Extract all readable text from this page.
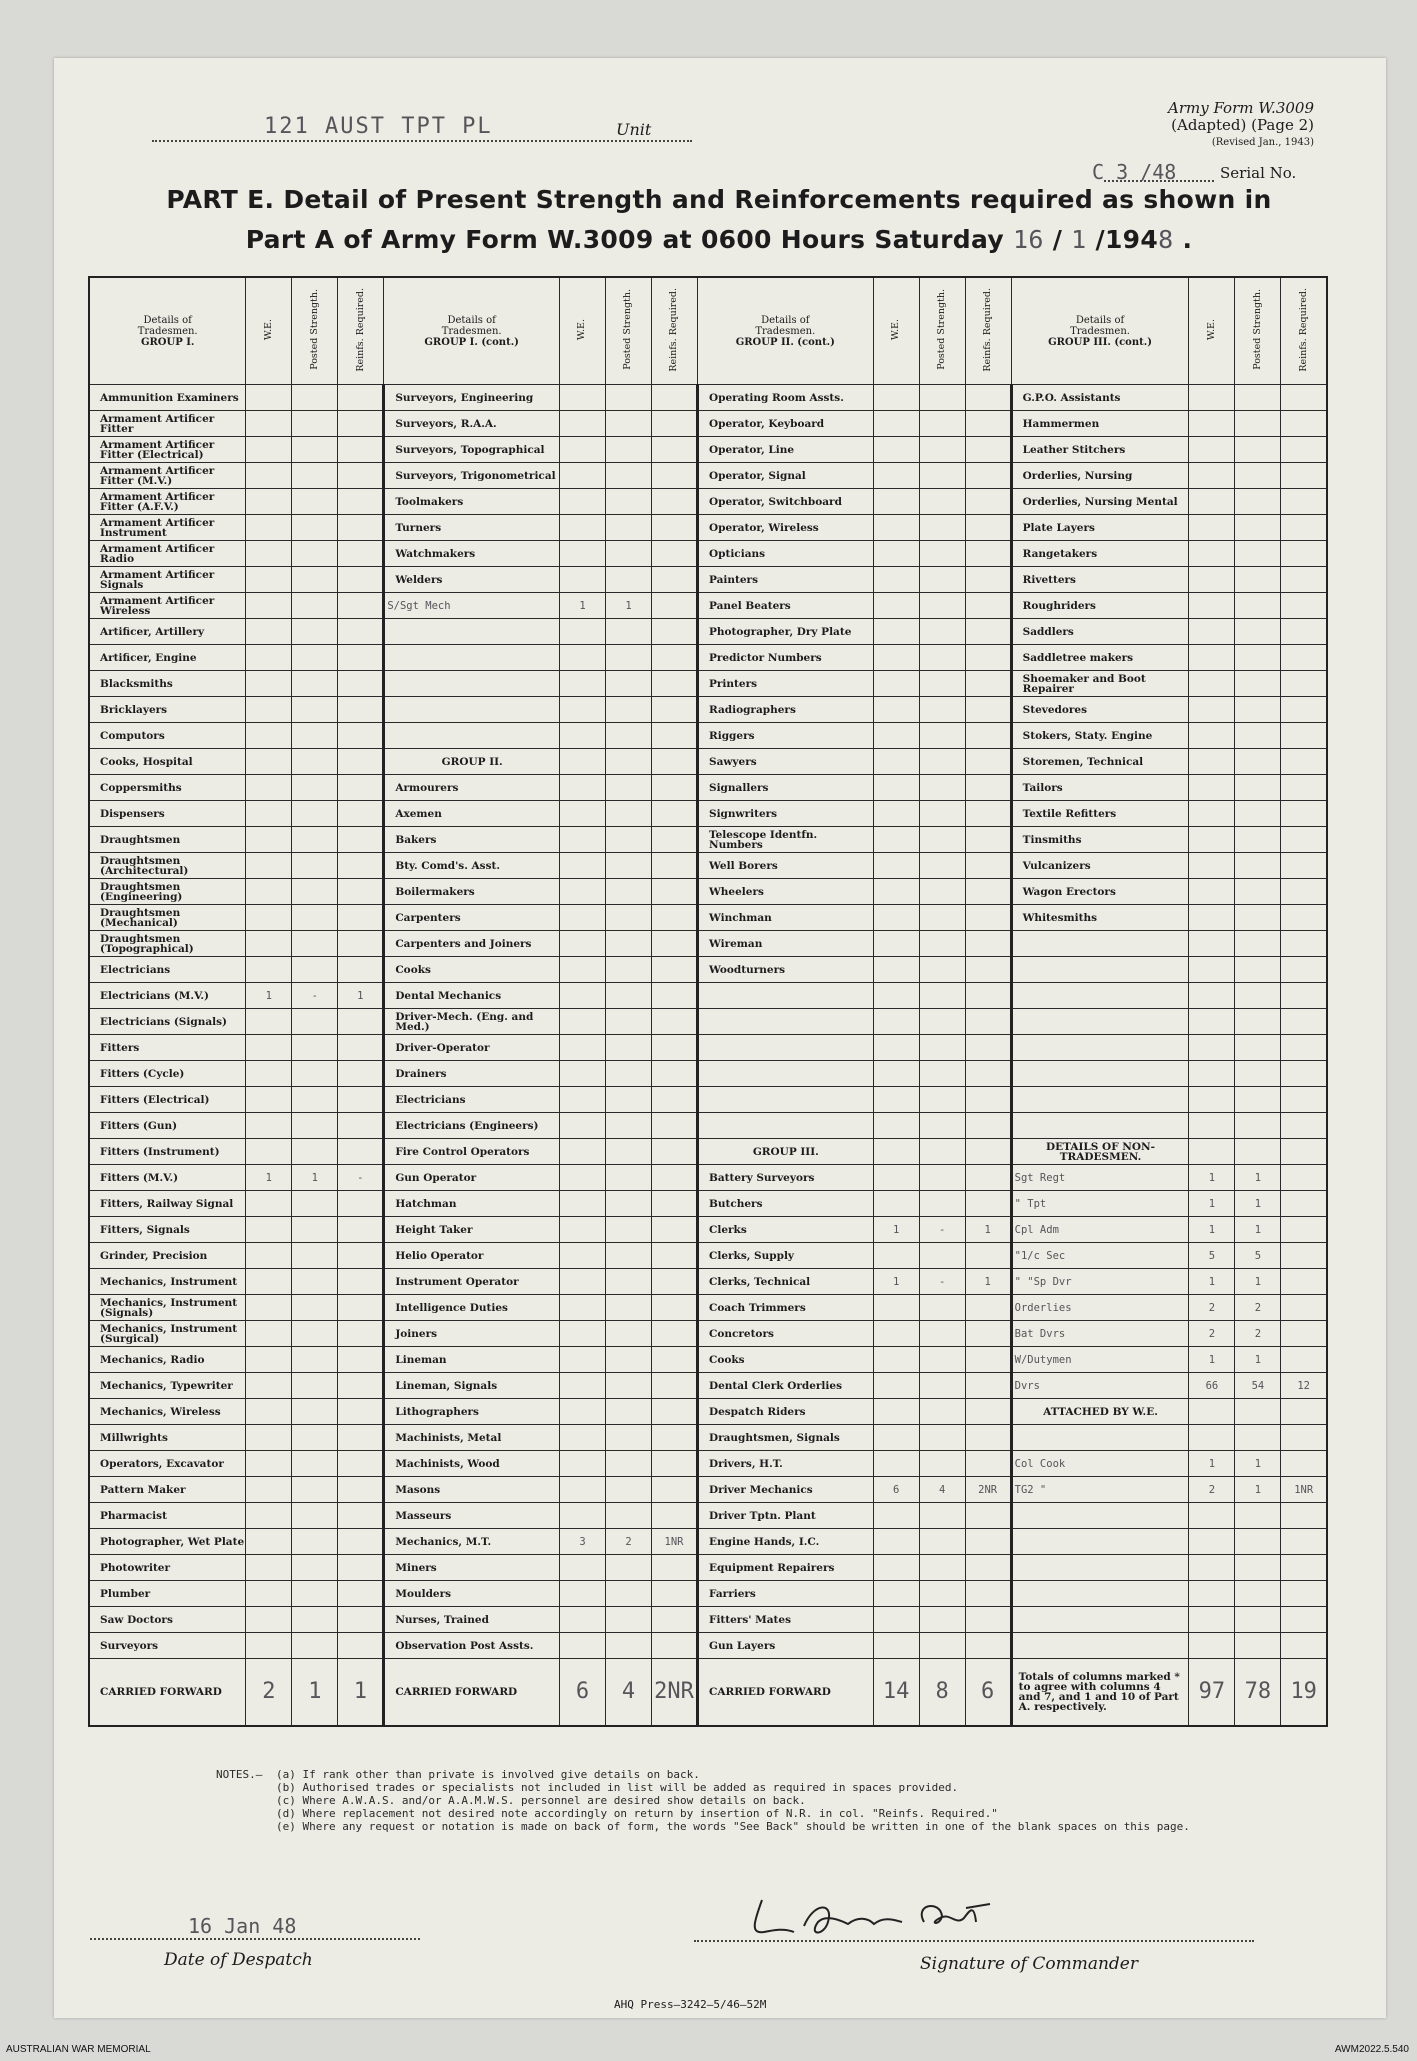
121 AUST TPT PL	Unit
Army Form W.3009
(Adapted) (Page 2)
(Revised Jan., 1943)
C 3 /48	Serial No.
PART E. Detail of Present Strength and Reinforcements required as shown in
Part A of Army Form W.3009 at 0600 Hours Saturday 16 / 1 /1948 .
Details of
Tradesmen.
GROUP I.	W.E.	Posted Strength.	Reinfs. Required.	Details of
Tradesmen.
GROUP I. (cont.)	W.E.	Posted Strength.	Reinfs. Required.	Details of
Tradesmen.
GROUP II. (cont.)	W.E.	Posted Strength.	Reinfs. Required.	Details of
Tradesmen.
GROUP III. (cont.)	W.E.	Posted Strength.	Reinfs. Required.
Ammunition Examiners				Surveyors, Engineering				Operating Room Assts.				G.P.O. Assistants			
Armament Artificer Fitter				Surveyors, R.A.A.				Operator, Keyboard				Hammermen			
Armament Artificer Fitter (Electrical)				Surveyors, Topographical				Operator, Line				Leather Stitchers			
Armament Artificer Fitter (M.V.)				Surveyors, Trigonometrical				Operator, Signal				Orderlies, Nursing			
Armament Artificer Fitter (A.F.V.)				Toolmakers				Operator, Switchboard				Orderlies, Nursing Mental			
Armament Artificer Instrument				Turners				Operator, Wireless				Plate Layers			
Armament Artificer Radio				Watchmakers				Opticians				Rangetakers			
Armament Artificer Signals				Welders				Painters				Rivetters			
Armament Artificer Wireless				S/Sgt Mech	1	1		Panel Beaters				Roughriders			
Artificer, Artillery								Photographer, Dry Plate				Saddlers			
Artificer, Engine								Predictor Numbers				Saddletree makers			
Blacksmiths								Printers				Shoemaker and Boot Repairer			
Bricklayers								Radiographers				Stevedores			
Computors								Riggers				Stokers, Staty. Engine			
Cooks, Hospital				GROUP II.				Sawyers				Storemen, Technical			
Coppersmiths				Armourers				Signallers				Tailors			
Dispensers				Axemen				Signwriters				Textile Refitters			
Draughtsmen				Bakers				Telescope Identfn. Numbers				Tinsmiths			
Draughtsmen (Architectural)				Bty. Comd's. Asst.				Well Borers				Vulcanizers			
Draughtsmen (Engineering)				Boilermakers				Wheelers				Wagon Erectors			
Draughtsmen (Mechanical)				Carpenters				Winchman				Whitesmiths			
Draughtsmen (Topographical)				Carpenters and Joiners				Wireman							
Electricians				Cooks				Woodturners							
Electricians (M.V.)	1	-	1	Dental Mechanics											
Electricians (Signals)				Driver-Mech. (Eng. and Med.)											
Fitters				Driver-Operator											
Fitters (Cycle)				Drainers											
Fitters (Electrical)				Electricians											
Fitters (Gun)				Electricians (Engineers)											
Fitters (Instrument)				Fire Control Operators				GROUP III.				DETAILS OF NON-TRADESMEN.			
Fitters (M.V.)	1	1	-	Gun Operator				Battery Surveyors				Sgt Regt	1	1	
Fitters, Railway Signal				Hatchman				Butchers				" Tpt	1	1	
Fitters, Signals				Height Taker				Clerks	1	-	1	Cpl Adm	1	1	
Grinder, Precision				Helio Operator				Clerks, Supply				"1/c Sec	5	5	
Mechanics, Instrument				Instrument Operator				Clerks, Technical	1	-	1	" "Sp Dvr	1	1	
Mechanics, Instrument (Signals)				Intelligence Duties				Coach Trimmers				Orderlies	2	2	
Mechanics, Instrument (Surgical)				Joiners				Concretors				Bat Dvrs	2	2	
Mechanics, Radio				Lineman				Cooks				W/Dutymen	1	1	
Mechanics, Typewriter				Lineman, Signals				Dental Clerk Orderlies				Dvrs	66	54	12
Mechanics, Wireless				Lithographers				Despatch Riders				ATTACHED BY W.E.			
Millwrights				Machinists, Metal				Draughtsmen, Signals							
Operators, Excavator				Machinists, Wood				Drivers, H.T.				Col Cook	1	1	
Pattern Maker				Masons				Driver Mechanics	6	4	2NR	TG2 "	2	1	1NR
Pharmacist				Masseurs				Driver Tptn. Plant							
Photographer, Wet Plate				Mechanics, M.T.	3	2	1NR	Engine Hands, I.C.							
Photowriter				Miners				Equipment Repairers							
Plumber				Moulders				Farriers							
Saw Doctors				Nurses, Trained				Fitters' Mates							
Surveyors				Observation Post Assts.				Gun Layers							
CARRIED FORWARD	2	1	1	CARRIED FORWARD	6	4	2NR	CARRIED FORWARD	14	8	6	Totals of columns marked * to agree with columns 4 and 7, and 1 and 10 of Part A. respectively.	97	78	19
NOTES.—	(a) If rank other than private is involved give details on back.
(b) Authorised trades or specialists not included in list will be added as required in spaces provided.
(c) Where A.W.A.S. and/or A.A.M.W.S. personnel are desired show details on back.
(d) Where replacement not desired note accordingly on return by insertion of N.R. in col. "Reinfs. Required."
(e) Where any request or notation is made on back of form, the words "See Back" should be written in one of the blank spaces on this page.
16 Jan 48
Date of Despatch	Signature of Commander
AHQ Press—3242—5/46—52M
AUSTRALIAN WAR MEMORIAL	AWM2022.5.540
